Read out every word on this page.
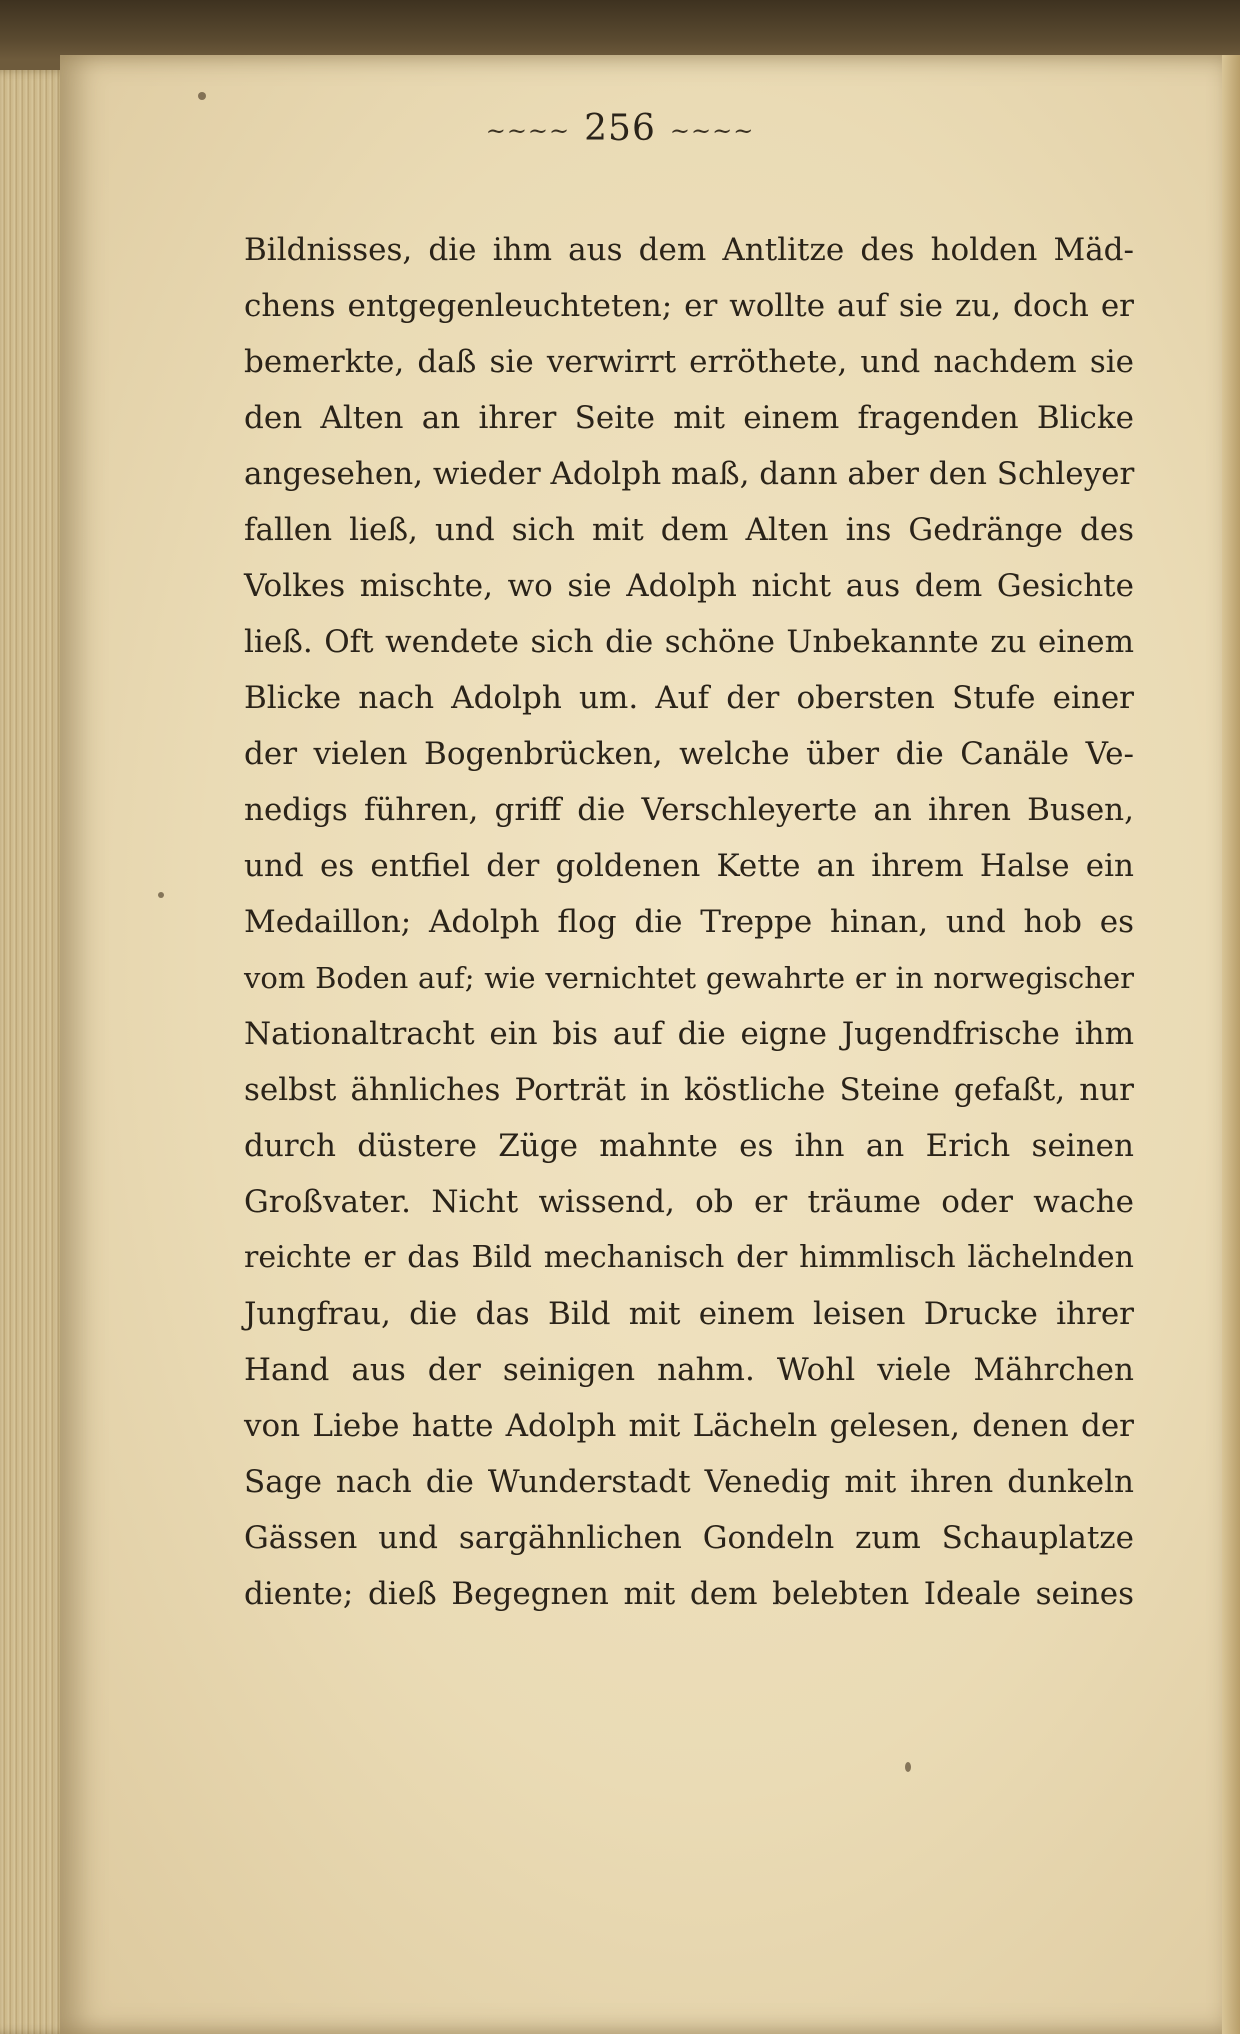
~~~~ 256 ~~~~
Bildnisses, die ihm aus dem Antlitze des holden Mäd-
chens entgegenleuchteten; er wollte auf sie zu, doch er
bemerkte, daß sie verwirrt erröthete, und nachdem sie
den Alten an ihrer Seite mit einem fragenden Blicke
angesehen, wieder Adolph maß, dann aber den Schleyer
fallen ließ, und sich mit dem Alten ins Gedränge des
Volkes mischte, wo sie Adolph nicht aus dem Gesichte
ließ. Oft wendete sich die schöne Unbekannte zu einem
Blicke nach Adolph um. Auf der obersten Stufe einer
der vielen Bogenbrücken, welche über die Canäle Ve-
nedigs führen, griff die Verschleyerte an ihren Busen,
und es entfiel der goldenen Kette an ihrem Halse ein
Medaillon; Adolph flog die Treppe hinan, und hob es
vom Boden auf; wie vernichtet gewahrte er in norwegischer
Nationaltracht ein bis auf die eigne Jugendfrische ihm
selbst ähnliches Porträt in köstliche Steine gefaßt, nur
durch düstere Züge mahnte es ihn an Erich seinen
Großvater. Nicht wissend, ob er träume oder wache
reichte er das Bild mechanisch der himmlisch lächelnden
Jungfrau, die das Bild mit einem leisen Drucke ihrer
Hand aus der seinigen nahm. Wohl viele Mährchen
von Liebe hatte Adolph mit Lächeln gelesen, denen der
Sage nach die Wunderstadt Venedig mit ihren dunkeln
Gässen und sargähnlichen Gondeln zum Schauplatze
diente; dieß Begegnen mit dem belebten Ideale seines
